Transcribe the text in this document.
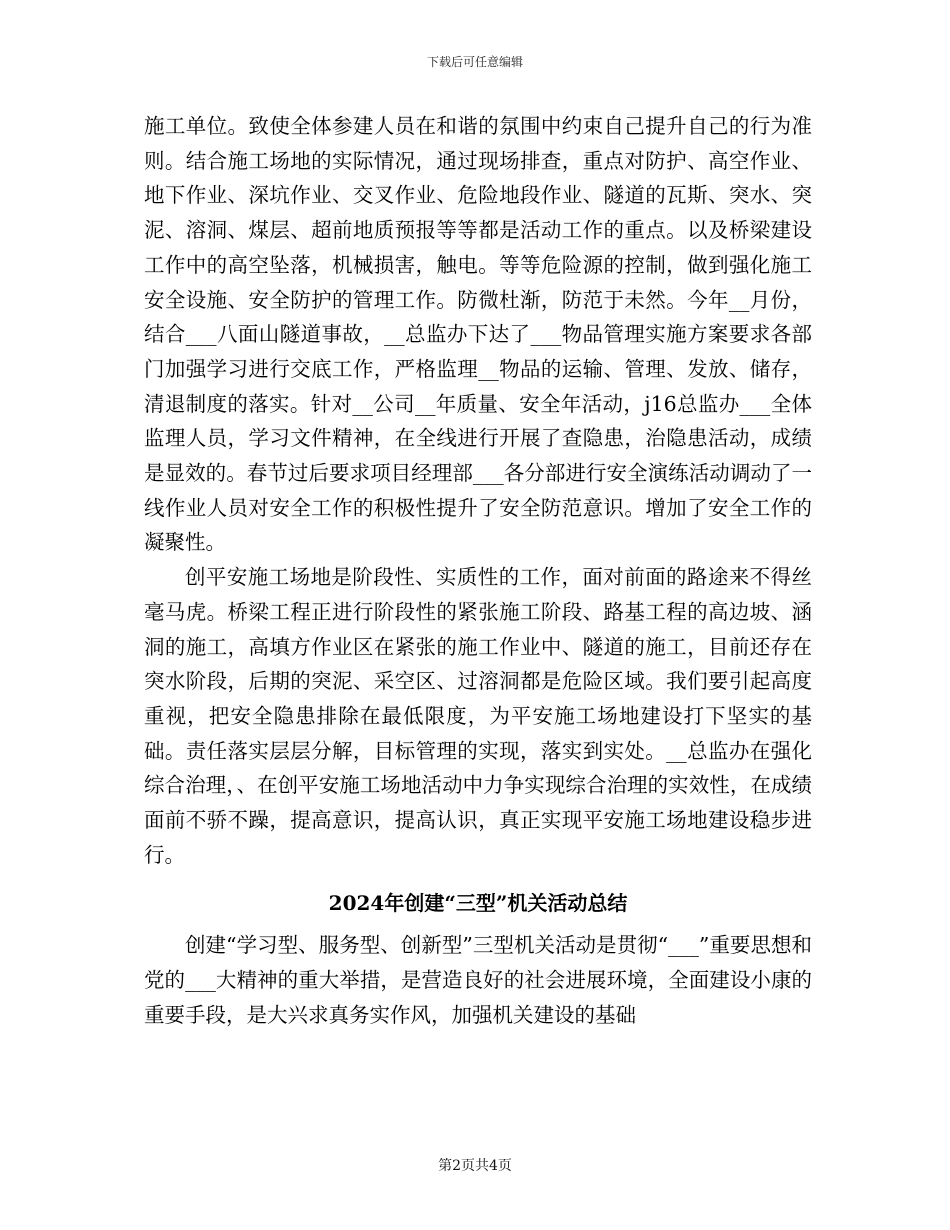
下载后可任意编辑

施工单位。致使全体参建人员在和谐的氛围中约束自己提升自己的行为准则。结合施工场地的实际情况，通过现场排查，重点对防护、高空作业、地下作业、深坑作业、交叉作业、危险地段作业、隧道的瓦斯、突水、突泥、溶洞、煤层、超前地质预报等等都是活动工作的重点。以及桥梁建设工作中的高空坠落，机械损害，触电。等等危险源的控制，做到强化施工安全设施、安全防护的管理工作。防微杜渐，防范于未然。今年__月份，结合___八面山隧道事故，__总监办下达了___物品管理实施方案要求各部门加强学习进行交底工作，严格监理__物品的运输、管理、发放、储存，清退制度的落实。针对__公司__年质量、安全年活动，j16总监办___全体监理人员，学习文件精神，在全线进行开展了查隐患，治隐患活动，成绩是显效的。春节过后要求项目经理部___各分部进行安全演练活动调动了一线作业人员对安全工作的积极性提升了安全防范意识。增加了安全工作的凝聚性。

创平安施工场地是阶段性、实质性的工作，面对前面的路途来不得丝毫马虎。桥梁工程正进行阶段性的紧张施工阶段、路基工程的高边坡、涵洞的施工，高填方作业区在紧张的施工作业中、隧道的施工，目前还存在突水阶段，后期的突泥、采空区、过溶洞都是危险区域。我们要引起高度重视，把安全隐患排除在最低限度，为平安施工场地建设打下坚实的基础。责任落实层层分解，目标管理的实现，落实到实处。__总监办在强化综合治理，、在创平安施工场地活动中力争实现综合治理的实效性，在成绩面前不骄不躁，提高意识，提高认识，真正实现平安施工场地建设稳步进行。

2024年创建“三型”机关活动总结

创建“学习型、服务型、创新型”三型机关活动是贯彻“___”重要思想和党的___大精神的重大举措，是营造良好的社会进展环境，全面建设小康的重要手段，是大兴求真务实作风，加强机关建设的基础

第2页共4页
